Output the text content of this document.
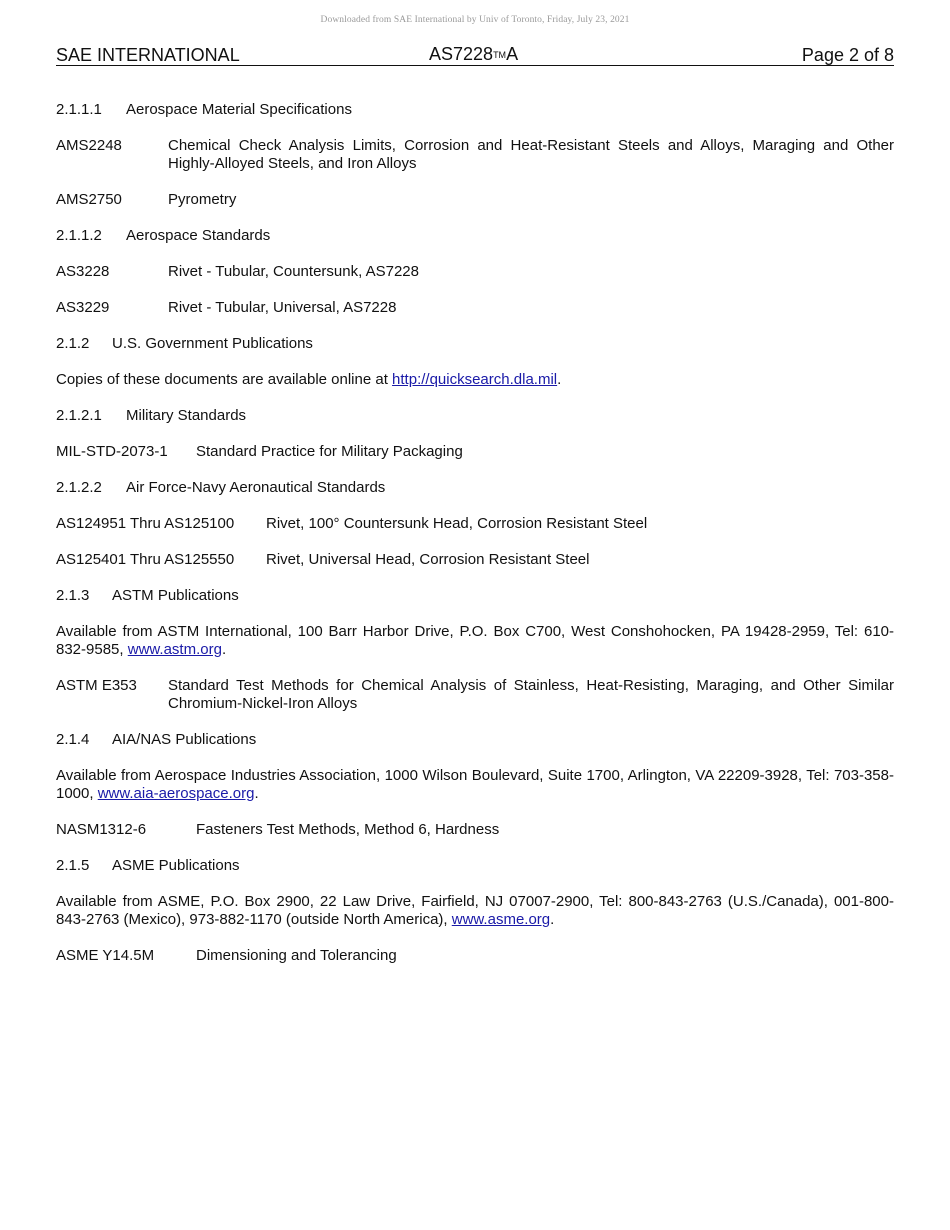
Downloaded from SAE International by Univ of Toronto, Friday, July 23, 2021
SAE INTERNATIONAL	AS7228™A	Page 2 of 8
2.1.1.1 Aerospace Material Specifications
AMS2248	Chemical Check Analysis Limits, Corrosion and Heat-Resistant Steels and Alloys, Maraging and Other Highly-Alloyed Steels, and Iron Alloys
AMS2750	Pyrometry
2.1.1.2 Aerospace Standards
AS3228	Rivet - Tubular, Countersunk, AS7228
AS3229	Rivet - Tubular, Universal, AS7228
2.1.2 U.S. Government Publications
Copies of these documents are available online at http://quicksearch.dla.mil.
2.1.2.1 Military Standards
MIL-STD-2073-1	Standard Practice for Military Packaging
2.1.2.2 Air Force-Navy Aeronautical Standards
AS124951 Thru AS125100	Rivet, 100° Countersunk Head, Corrosion Resistant Steel
AS125401 Thru AS125550	Rivet, Universal Head, Corrosion Resistant Steel
2.1.3 ASTM Publications
Available from ASTM International, 100 Barr Harbor Drive, P.O. Box C700, West Conshohocken, PA 19428-2959, Tel: 610-832-9585, www.astm.org.
ASTM E353	Standard Test Methods for Chemical Analysis of Stainless, Heat-Resisting, Maraging, and Other Similar Chromium-Nickel-Iron Alloys
2.1.4 AIA/NAS Publications
Available from Aerospace Industries Association, 1000 Wilson Boulevard, Suite 1700, Arlington, VA 22209-3928, Tel: 703-358-1000, www.aia-aerospace.org.
NASM1312-6	Fasteners Test Methods, Method 6, Hardness
2.1.5 ASME Publications
Available from ASME, P.O. Box 2900, 22 Law Drive, Fairfield, NJ 07007-2900, Tel: 800-843-2763 (U.S./Canada), 001-800-843-2763 (Mexico), 973-882-1170 (outside North America), www.asme.org.
ASME Y14.5M	Dimensioning and Tolerancing
